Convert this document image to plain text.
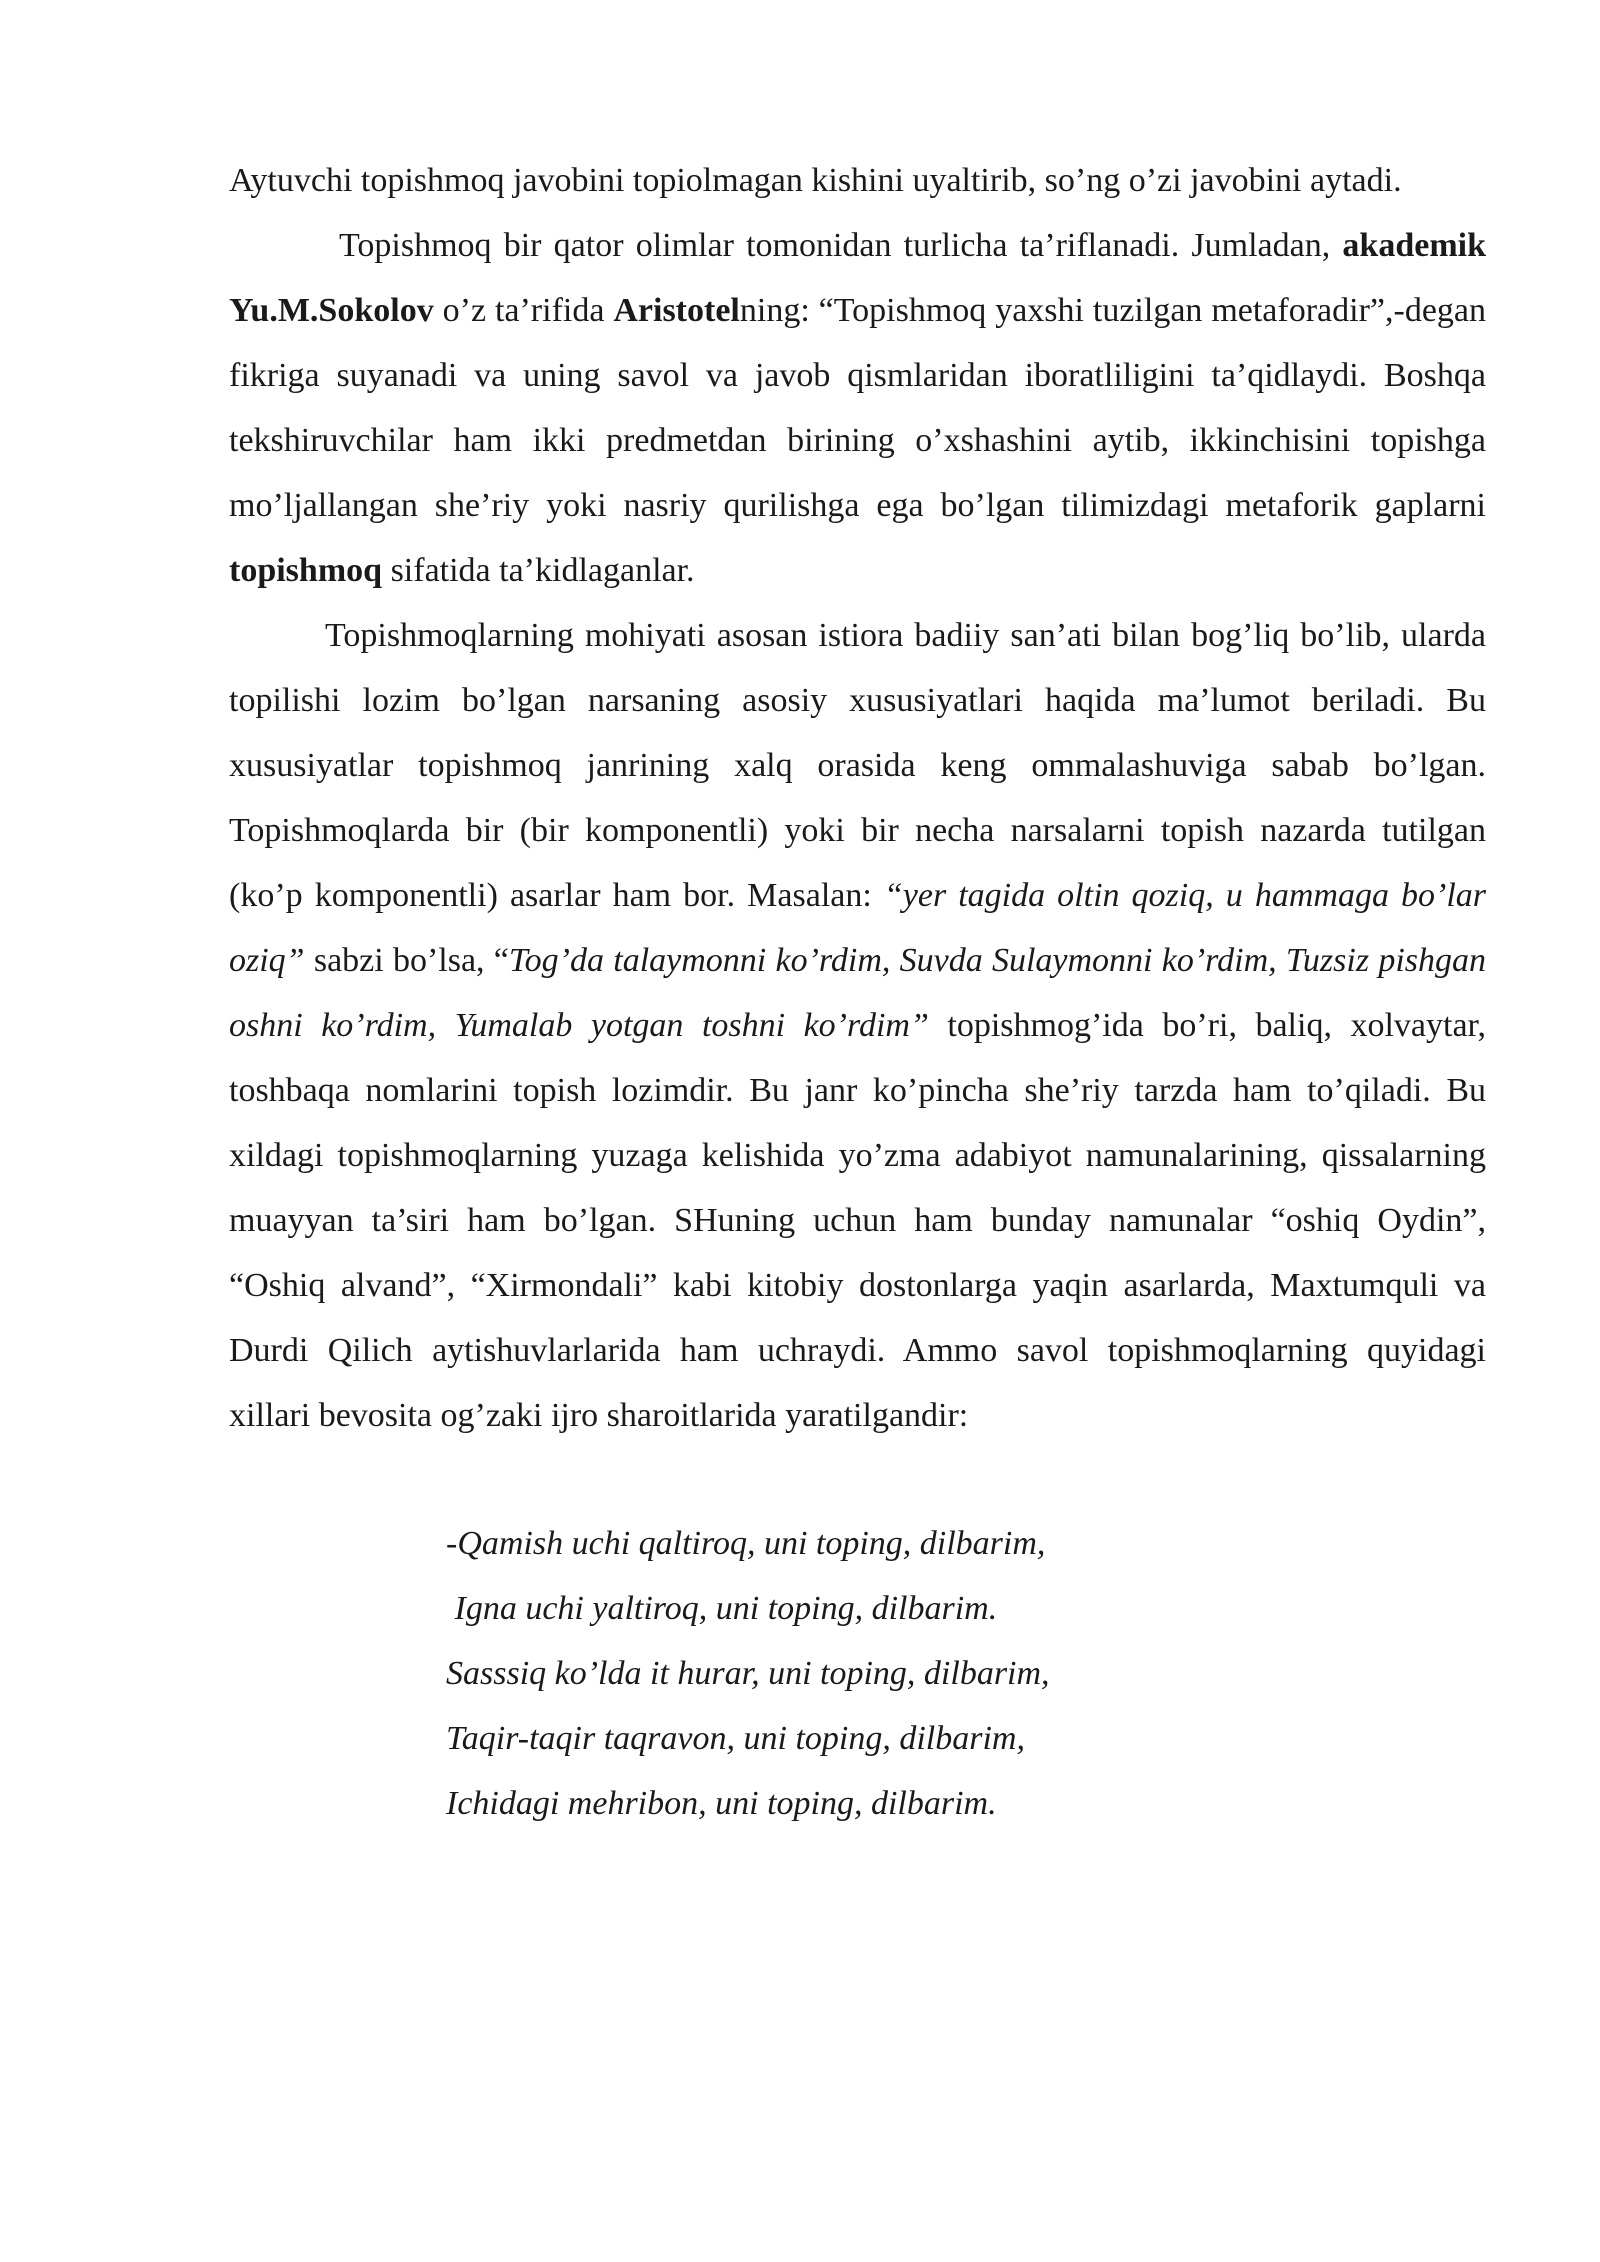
Aytuvchi topishmoq javobini topiolmagan kishini uyaltirib, so’ng o’zi javobini aytadi.

Topishmoq bir qator olimlar tomonidan turlicha ta’riflanadi. Jumladan, akademik Yu.M.Sokolov o’z ta’rifida Aristotelning: “Topishmoq yaxshi tuzilgan metaforadir”,-degan fikriga suyanadi va uning savol va javob qismlaridan iboratliligini ta’qidlaydi. Boshqa tekshiruvchilar ham ikki predmetdan birining o’xshashini aytib, ikkinchisini topishga mo’ljallangan she’riy yoki nasriy qurilishga ega bo’lgan tilimizdagi metaforik gaplarni topishmoq sifatida ta’kidlaganlar.

Topishmoqlarning mohiyati asosan istiora badiiy san’ati bilan bog’liq bo’lib, ularda topilishi lozim bo’lgan narsaning asosiy xususiyatlari haqida ma’lumot beriladi. Bu xususiyatlar topishmoq janrining xalq orasida keng ommalashuviga sabab bo’lgan. Topishmoqlarda bir (bir komponentli) yoki bir necha narsalarni topish nazarda tutilgan (ko’p komponentli) asarlar ham bor. Masalan: “yer tagida oltin qoziq, u hammaga bo’lar oziq” sabzi bo’lsa, “Tog’da talaymonni ko’rdim, Suvda Sulaymonni ko’rdim, Tuzsiz pishgan oshni ko’rdim, Yumalab yotgan toshni ko’rdim” topishmog’ida bo’ri, baliq, xolvaytar, toshbaqa nomlarini topish lozimdir. Bu janr ko’pincha she’riy tarzda ham to’qiladi. Bu xildagi topishmoqlarning yuzaga kelishida yo’zma adabiyot namunalarining, qissalarning muayyan ta’siri ham bo’lgan. SHuning uchun ham bunday namunalar “oshiq Oydin”, “Oshiq alvand”, “Xirmondali” kabi kitobiy dostonlarga yaqin asarlarda, Maxtumquli va Durdi Qilich aytishuvlarlarida ham uchraydi. Ammo savol topishmoqlarning quyidagi xillari bevosita og’zaki ijro sharoitlarida yaratilgandir:

-Qamish uchi qaltiroq, uni toping, dilbarim,
Igna uchi yaltiroq, uni toping, dilbarim.
Sasssiq ko’lda it hurar, uni toping, dilbarim,
Taqir-taqir taqravon, uni toping, dilbarim,
Ichidagi mehribon, uni toping, dilbarim.
